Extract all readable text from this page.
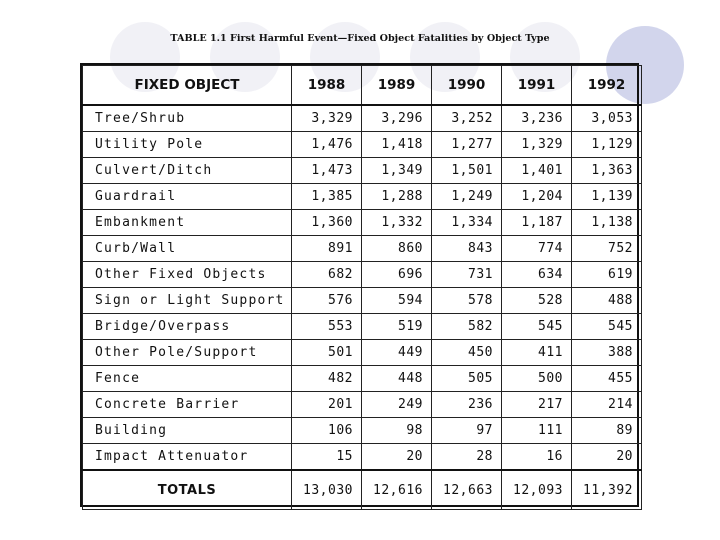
TABLE 1.1 First Harmful Event—Fixed Object Fatalities by Object Type
FIXED OBJECT	1988	1989	1990	1991	1992
Tree/Shrub	3,329	3,296	3,252	3,236	3,053
Utility Pole	1,476	1,418	1,277	1,329	1,129
Culvert/Ditch	1,473	1,349	1,501	1,401	1,363
Guardrail	1,385	1,288	1,249	1,204	1,139
Embankment	1,360	1,332	1,334	1,187	1,138
Curb/Wall	891	860	843	774	752
Other Fixed Objects	682	696	731	634	619
Sign or Light Support	576	594	578	528	488
Bridge/Overpass	553	519	582	545	545
Other Pole/Support	501	449	450	411	388
Fence	482	448	505	500	455
Concrete Barrier	201	249	236	217	214
Building	106	98	97	111	89
Impact Attenuator	15	20	28	16	20
TOTALS	13,030	12,616	12,663	12,093	11,392
